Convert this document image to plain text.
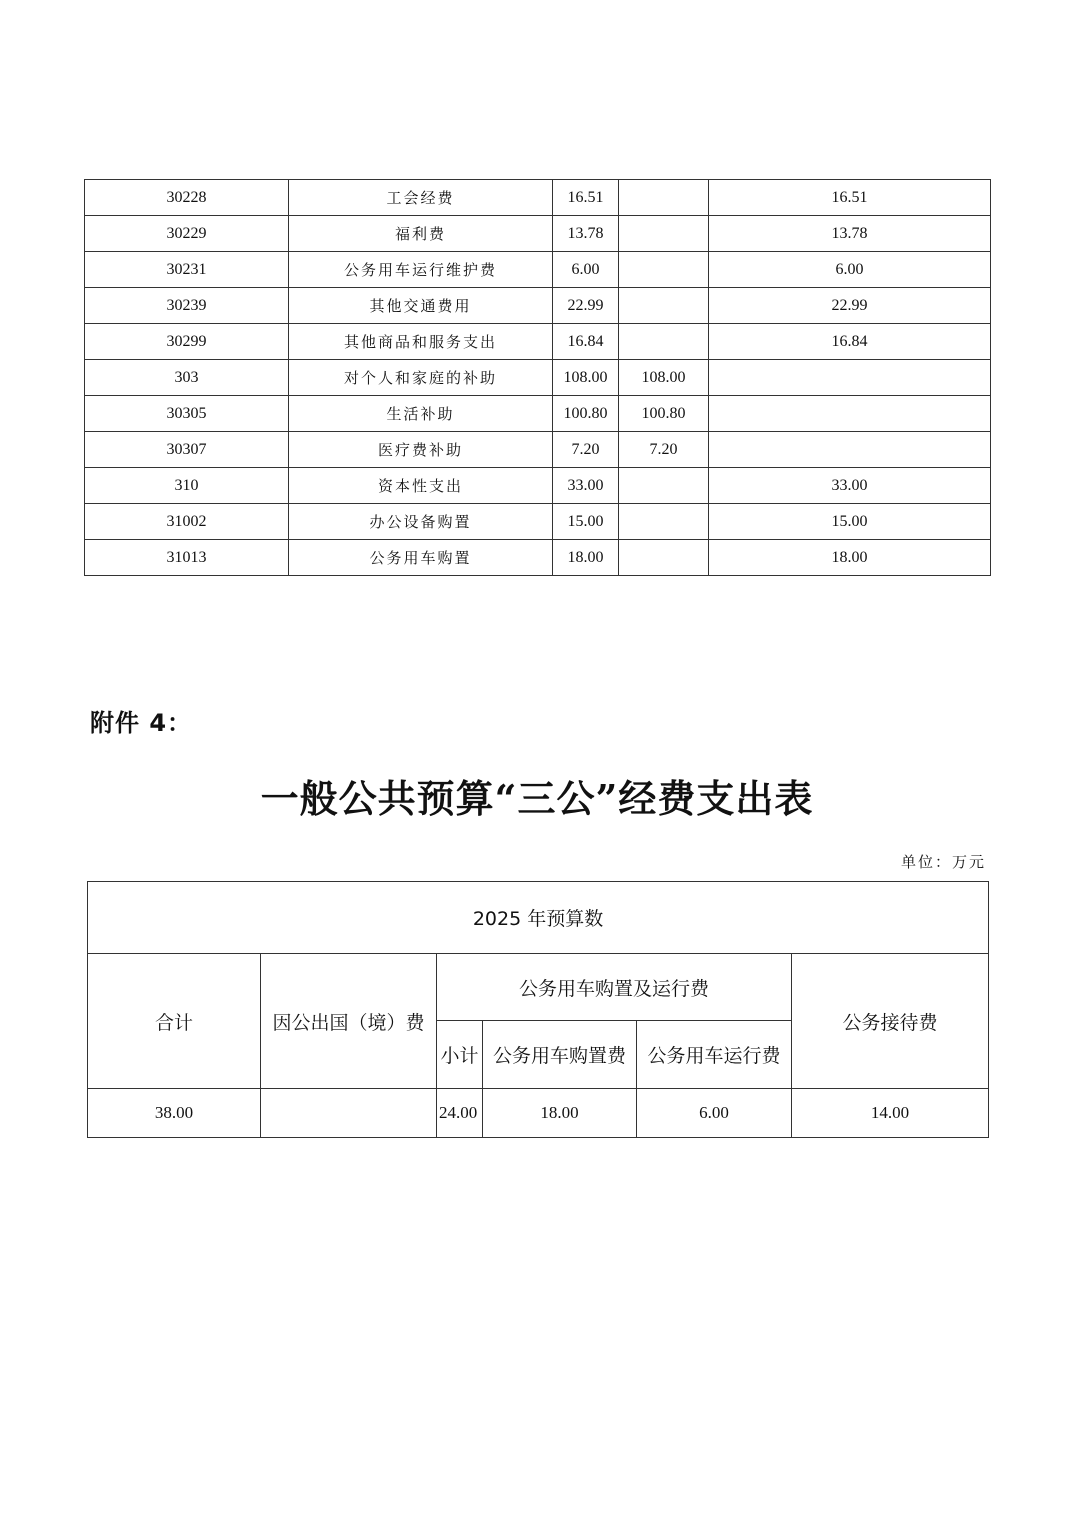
30228	工会经费	16.51		16.51
30229	福利费	13.78		13.78
30231	公务用车运行维护费	6.00		6.00
30239	其他交通费用	22.99		22.99
30299	其他商品和服务支出	16.84		16.84
303	对个人和家庭的补助	108.00	108.00	
30305	生活补助	100.80	100.80	
30307	医疗费补助	7.20	7.20	
310	资本性支出	33.00		33.00
31002	办公设备购置	15.00		15.00
31013	公务用车购置	18.00		18.00
附件 4：
一般公共预算“三公”经费支出表
单位：万元
2025 年预算数					
合计	因公出国（境）费	公务用车购置及运行费			公务接待费
		小计	公务用车购置费	公务用车运行费	
38.00		24.00	18.00	6.00	14.00
